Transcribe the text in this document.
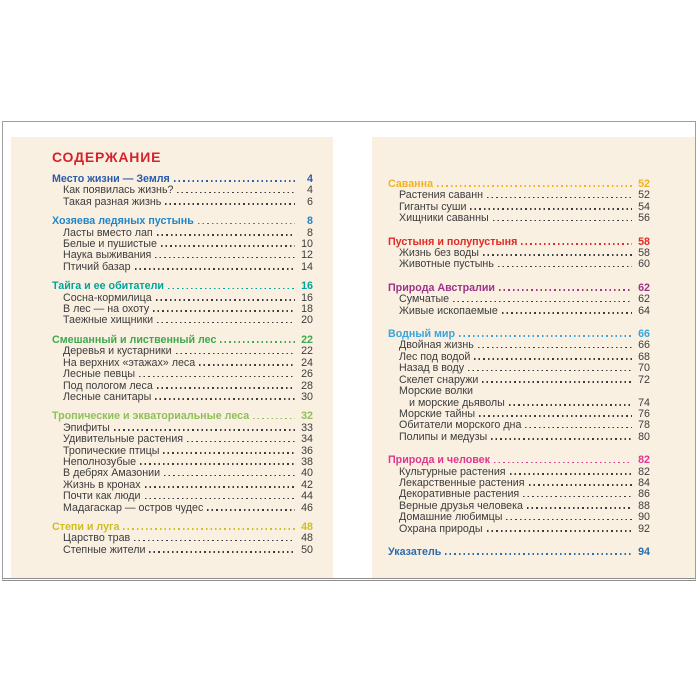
СОДЕРЖАНИЕ
Место жизни — Земля	4
Как появилась жизнь?	4
Такая разная жизнь	6
Хозяева ледяных пустынь	8
Ласты вместо лап	8
Белые и пушистые	10
Наука выживания	12
Птичий базар	14
Тайга и ее обитатели	16
Сосна-кормилица	16
В лес — на охоту	18
Таежные хищники	20
Смешанный и лиственный лес	22
Деревья и кустарники	22
На верхних «этажах» леса	24
Лесные певцы	26
Под пологом леса	28
Лесные санитары	30
Тропические и экваториальные леса	32
Эпифиты	33
Удивительные растения	34
Тропические птицы	36
Неполнозубые	38
В дебрях Амазонии	40
Жизнь в кронах	42
Почти как люди	44
Мадагаскар — остров чудес	46
Степи и луга	48
Царство трав	48
Степные жители	50
Саванна	52
Растения саванн	52
Гиганты суши	54
Хищники саванны	56
Пустыня и полупустыня	58
Жизнь без воды	58
Животные пустынь	60
Природа Австралии	62
Сумчатые	62
Живые ископаемые	64
Водный мир	66
Двойная жизнь	66
Лес под водой	68
Назад в воду	70
Скелет снаружи	72
Морские волки
и морские дьяволы	74
Морские тайны	76
Обитатели морского дна	78
Полипы и медузы	80
Природа и человек	82
Культурные растения	82
Лекарственные растения	84
Декоративные растения	86
Верные друзья человека	88
Домашние любимцы	90
Охрана природы	92
Указатель	94
